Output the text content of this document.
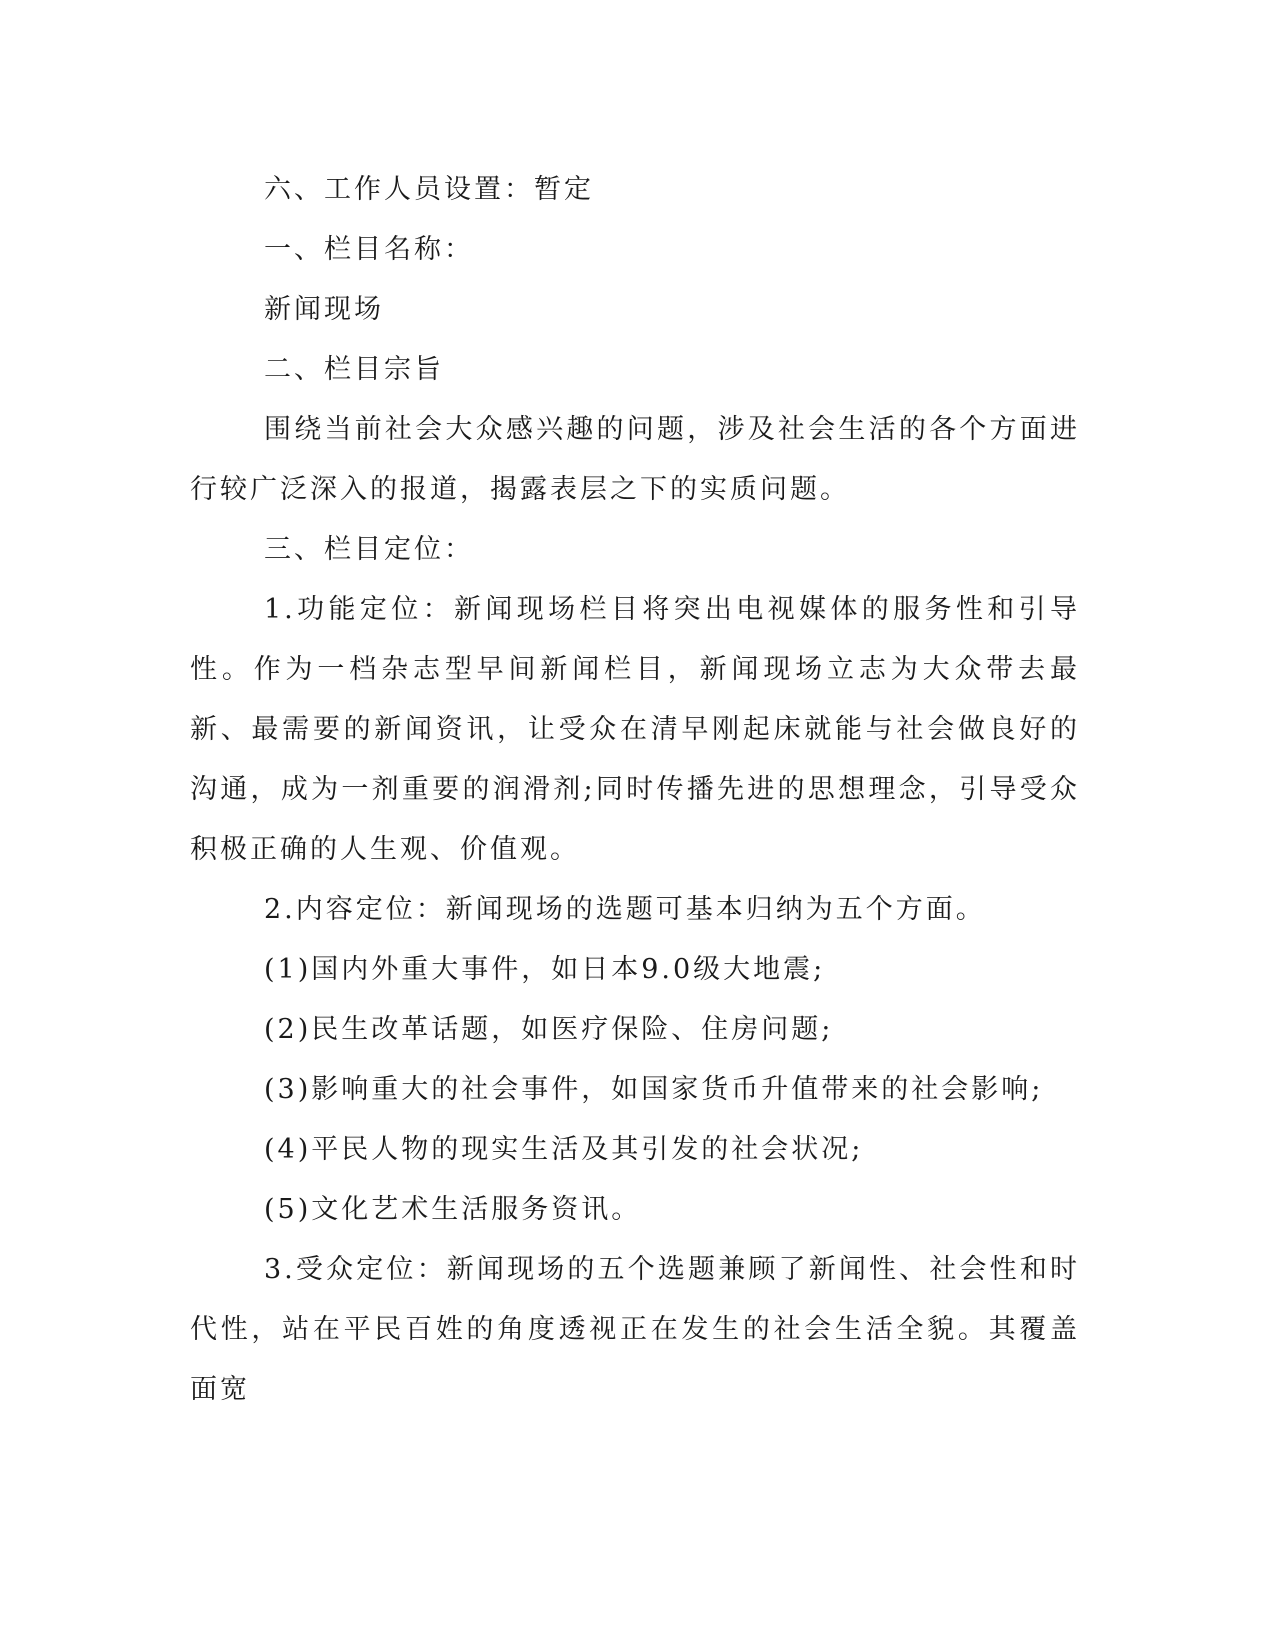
六、工作人员设置：暂定

一、栏目名称：

新闻现场

二、栏目宗旨

围绕当前社会大众感兴趣的问题，涉及社会生活的各个方面进行较广泛深入的报道，揭露表层之下的实质问题。

三、栏目定位：

1.功能定位：新闻现场栏目将突出电视媒体的服务性和引导性。作为一档杂志型早间新闻栏目，新闻现场立志为大众带去最新、最需要的新闻资讯，让受众在清早刚起床就能与社会做良好的沟通，成为一剂重要的润滑剂;同时传播先进的思想理念，引导受众积极正确的人生观、价值观。

2.内容定位：新闻现场的选题可基本归纳为五个方面。

(1)国内外重大事件，如日本9.0级大地震;

(2)民生改革话题，如医疗保险、住房问题;

(3)影响重大的社会事件，如国家货币升值带来的社会影响;

(4)平民人物的现实生活及其引发的社会状况;

(5)文化艺术生活服务资讯。

3.受众定位：新闻现场的五个选题兼顾了新闻性、社会性和时代性，站在平民百姓的角度透视正在发生的社会生活全貌。其覆盖面宽
